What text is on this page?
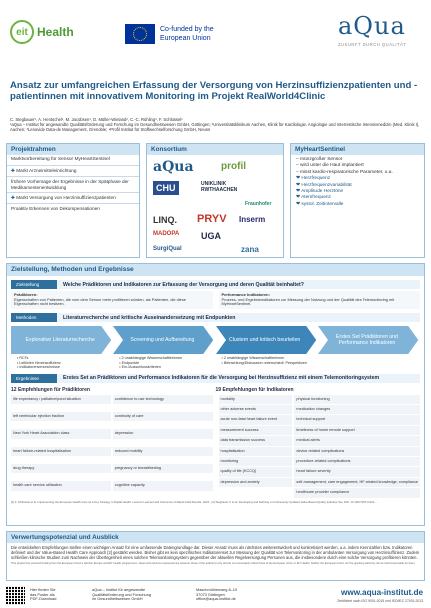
eit Health	Co-funded by the
European Union	aQua
ZUKUNFT DURCH QUALITÄT
Ansatz zur umfangreichen Erfassung der Versorgung von Herzinsuffizienzpatienten und -patientinnen mit innovativem Monitoring im Projekt RealWorld4Clinic
C. Stegbauer¹, A. Hentschel¹, M. Jacobsen¹, D. Müller-Wieland², C.-C. Rühling³, F. Schlüssel¹
¹aQua – Institut für angewandte Qualitätsförderung und Forschung im Gesundheitswesen GmbH, Göttingen; ²Universitätsklinikum Aachen, Klinik für Kardiologie, Angiologie und Internistische Intensivmedizin (Med. Klinik I), Aachen; ³Lenovide Data-de Management, Grenoble; ⁴Profil Institut für Stoffwechselforschung GmbH, Neuss
Projektrahmen
Marktvorbereitung für Sensor MyHeartSentinel
✚ Markt Arzneimitteleinrichtung
frühere Vorhersage der Ergebnisse in der Spätphase der Medikamentenentwicklung
✚ Markt Versorgung von Herzinsuffizienzpatienten
Proaktiv Erkennen von Dekompensationen
Konsortium
aQua	profil
CHU	UNIKLINIK RWTHAACHEN
Fraunhofer
LINQ. PRYV Inserm
MADOPA UGA
SurgiQual	zana
MyHeartSentinel
– münzgroßer Sensor
– wird unter die Haut implantiert
– misst kardio-respiratorische Parameter, u.a.
❤ Herzfrequenz
❤ Herzfrequenzvariabilität
❤ Amplitude Herztöne
❤ Atemfrequenz
❤ systol. Zeitintervalle
Zielstellung, Methoden und Ergebnisse
Zielstellung	Welche Prädiktoren und Indikatoren zur Erfassung der Versorgung und deren Qualität beinhaltet?
Prädiktoren:
Eigenschaften von Patienten, die vom dem Sensor mehr profitieren würden, als Patienten, die diese Eigenschaften nicht besitzen.
Performance Indikatoren:
Prozess- und Ergebnisindikatoren zur Messung der Nutzung und der Qualität des Telemonitoring mit MyHeartSentinel.
Methoden	Literaturrecherche und kritische Auseinandersetzung mit Endpunkten
Explorative Literaturrecherche	Screening und Aufbereitung	Clustern und kritisch beurteilen
Erstes Set Prädiktoren und Performance Indikatoren
• RCTs
• Leitlinien Herzinsuffizienz
• Indikatorenverzeichnisse
• 2 unabhängige Wissenschaftlerinnen
• Endpunkte
• Ein-/Ausschlusskriterien
• 2 unabhängige Wissenschaftlerinnen
• Betrachtung/Diskussion unterschiedl. Perspektiven
Ergebnisse	Erstes Set an Prädiktoren und Performance Indikatoren für die Versorgung bei Herzinsuffizienz mit einem Telemonitoringsystem
12 Empfehlungen für Prädiktoren	19 Empfehlungen für Indikatoren
life expectancy / palliative/pond situation	confidence to use technology
left ventricular ejection fraction	continuity of care
New York Heart Association class	depression
heart failure-related hospitalisation	reduced mobility
drug therapy	pregnancy or breastfeeding
health care service utilisation	cognitive capacity
mortality	physical functioning
other adverse events	medication changes
acute non-fatal heart failure event	technical support
measurement success	timeliness of home remote support
data transmission success	medical alerts
hospitalisation	device-related complications
monitoring	procedure-related complications
quality of life (KCCQ)	heart failure severity
depression and anxiety	self-management, care engagement, HF-related knowledge, compliance
healthcare provider compliance
[1] F. Schlüssel et al. Implementing the European Health Care as a Key Strategy in Digital Health: Lessons Learned and Outcomes of Rapid Initial Results. 2023 · [2] Stegbauer C et al. Developing and Defining a Continuously Updated Value-Based Quality Indicator Set, DOI: 10.1007/978-3-031-...
Verwertungspotenzial und Ausblick
Die entwickelten Empfehlungen stellen einen wichtigen Ansatz für eine umfassende Datengrundlage dar. Dieser Ansatz muss als nächstes weiterentwickelt und konkretisiert werden, u.a. indem Kennzahlen bzw. Indikatoren definiert und der Value-Based Health Care Approach [2] gestärkt werden. Bisher gibt es kein spezifisches Indikatorenset zur Messung der Qualität von Telemonitoring in der ambulanten Versorgung von Herzinsuffizienz. Zudem schließen klinische Studien zum Nachweis der Überlegenheit eines solchen Telemonitoringsystem gegenüber der aktuellen Regelversorgung Personen aus, die insbesondere durch eine solche Versorgung profitieren könnten.
This project has received funding from the European Union's Horizon Europe and EIT Health programmes. Views and opinions expressed are however those of the author(s) only and do not necessarily reflect those of the European Union or EIT Health. Neither the European Union nor the granting authority can be held responsible for them.
Hier finden Sie
das Poster als
PDF-Download
aQua – Institut für angewandte
Qualitätsförderung und Forschung
im Gesundheitswesen GmbH
Maschmühlenweg 8–10
37073 Göttingen
office@aqua-institut.de
www.aqua-institut.de
Zertifiziert nach ISO 9001:2015 und ISO/IEC 27001:2013
